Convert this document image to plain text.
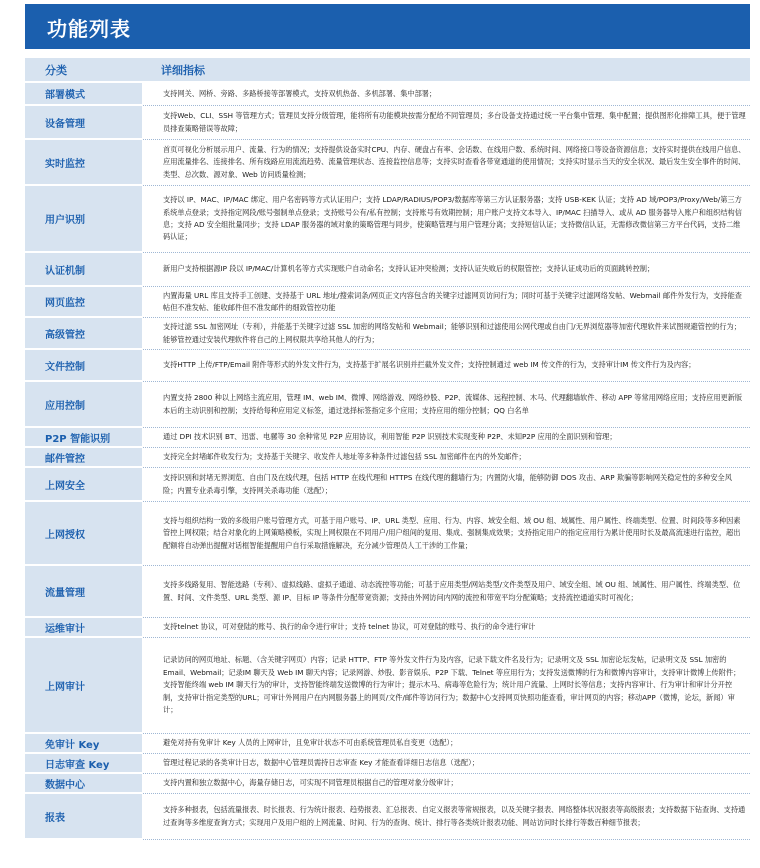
功能列表
分类	详细指标
部署模式	支持网关、网桥、旁路、多路桥接等部署模式，支持双机热备、多机部署、集中部署；
设备管理	支持Web、CLI、SSH 等管理方式；管理员支持分级管理，能将所有功能模块按需分配给不同管理员；多台设备支持通过统一平台集中管理、集中配置；提供图形化排障工具，便于管理员排查策略错误等故障；
实时监控	首页可视化分析展示用户、流量、行为的情况；支持提供设备实时CPU、内存、硬盘占有率、会话数、在线用户数、系统时间、网络接口等设备资源信息；支持实时提供在线用户信息、应用流量排名、连接排名、所有线路应用流流趋势、流量管理状态、连接监控信息等；支持实时查看各带宽通道的使用情况；支持实时显示当天的安全状况、最后发生安全事件的时间、类型、总次数、源对象、Web 访问质量检测；
用户识别	支持以 IP、MAC、IP/MAC 绑定、用户名密码等方式认证用户；支持 LDAP/RADIUS/POP3/数据库等第三方认证服务器；支持 USB-KEK 认证；支持 AD 域/POP3/Proxy/Web/第三方系统单点登录；支持指定网段/账号强制单点登录；支持账号公有/私有控制；支持账号有效期控制；用户账户支持文本导入、IP/MAC 扫描导入、或从 AD 服务器导入账户和组织结构信息；支持 AD 安全组批量同步；支持 LDAP 服务器的域对象的策略管理与同步，使策略管理与用户管理分离；支持短信认证；支持微信认证，无需修改微信第三方平台代码，支持二维码认证；
认证机制	新用户支持根据源IP 段以 IP/MAC/计算机名等方式实现账户自动命名；支持认证冲突检测；支持认证失败后的权限管控；支持认证成功后的页面跳转控制；
网页监控	内置海量 URL 库且支持手工创建、支持基于 URL 地址/搜索词条/网页正文内容包含的关键字过滤网页访问行为；同时可基于关键字过滤网络发帖、Webmail 邮件外发行为，支持能查帖但不准发帖、能收邮件但不准发邮件的细致管控功能
高级管控	支持过滤 SSL 加密网址（专利），并能基于关键字过滤 SSL 加密的网络发帖和 Webmail；能够识别和过滤使用公网代理或自由门/无界浏览器等加密代理软件来试图规避管控的行为；能够管控通过安装代理软件将自己的上网权限共享给其他人的行为；
文件控制	支持HTTP 上传/FTP/Email 附件等形式的外发文件行为，支持基于扩展名识别并拦截外发文件；支持控制通过 web IM 传文件的行为，支持审计IM 传文件行为及内容；
应用控制	内置支持 2800 种以上网络主流应用，管理 IM、web IM、微博、网络游戏、网络炒股、P2P、流媒体、远程控制、木马、代理翻墙软件、移动 APP 等常用网络应用；支持应用更新版本后的主动识别和控制；支持给每种应用定义标签，通过选择标签指定多个应用；支持应用的细分控制；QQ 白名单
P2P 智能识别	通过 DPI 技术识别 BT、迅雷、电骡等 30 余种常见 P2P 应用协议，利用智能 P2P 识别技术实现变种 P2P、未知P2P 应用的全面识别和管理；
邮件管控	支持完全封堵邮件收发行为；支持基于关键字、收发件人地址等多种条件过滤包括 SSL 加密邮件在内的外发邮件；
上网安全	支持识别和封堵无界浏览、自由门及在线代理，包括 HTTP 在线代理和 HTTPS 在线代理的翻墙行为；内置防火墙，能够防御 DOS 攻击、ARP 欺骗等影响网关稳定性的多种安全风险；内置专业杀毒引擎，支持网关杀毒功能（选配）；
上网授权	支持与组织结构一致的多级用户账号管理方式，可基于用户账号、IP、URL 类型、应用、行为、内容、域安全组、域 OU 组、域属性、用户属性、终端类型、位置、时间段等多种因素管控上网权限；结合对象化的上网策略模板，实现上网权限在不同用户/用户组间的复用、集成、强制集成效果；支持指定用户的指定应用行为累计使用时长及最高流速进行监控，超出配额将自动弹出提醒对话框智能提醒用户自行采取措施解决，充分减少管理员人工干涉的工作量；
流量管理	支持多线路复用、智能选路（专利）、虚拟线路、虚拟子通道、动态流控等功能；可基于应用类型/网站类型/文件类型及用户、域安全组、域 OU 组、域属性、用户属性、终端类型、位置、时间、文件类型、URL 类型、源 IP、目标 IP 等条件分配带宽资源；支持由外网访问内网的流控和带宽平均分配策略；支持流控通道实时可视化；
运维审计	支持telnet 协议，可对登陆的账号、执行的命令进行审计；支持 telnet 协议，可对登陆的账号、执行的命令进行审计
上网审计	记录访问的网页地址、标题、（含关键字网页）内容；记录 HTTP、FTP 等外发文件行为及内容，记录下载文件名及行为；记录明文及 SSL 加密论坛发帖，记录明文及 SSL 加密的 Email、Webmail；记录IM 聊天及 Web IM 聊天内容；记录网游、炒股、影音娱乐、P2P 下载、Telnet 等应用行为；支持发送微博的行为和微博内容审计，支持审计微博上传附件；支持智能终端 web IM 聊天行为的审计，支持智能终端发送微博的行为审计；提示木马、病毒等危险行为；统计用户流量、上网时长等信息；支持内容审计、行为审计和审计分开控制，支持审计指定类型的URL；可审计外网用户在内网服务器上的网页/文件/邮件等访问行为；数据中心支持网页快照功能查看，审计网页的内容；移动APP（微博，论坛，新闻）审计；
免审计 Key	避免对持有免审计 Key 人员的上网审计，且免审计状态不可由系统管理员私自变更（选配）；
日志审查 Key	管理过程记录的各类审计日志，数据中心管理员需持日志审查 Key 才能查看详细日志信息（选配）；
数据中心	支持内置和独立数据中心，海量存储日志，可实现不同管理员根据自己的管理对象分级审计；
报表	支持多种报表，包括流量报表、时长报表、行为统计报表、趋势报表、汇总报表、自定义报表等常规报表，以及关键字报表、网络整体状况报表等高级报表；支持数据下钻查询、支持通过查询等多维度查询方式；实现用户及用户组的上网流量、时间、行为的查询、统计、排行等各类统计报表功能、网站访问时长排行等数百种细节报表；
